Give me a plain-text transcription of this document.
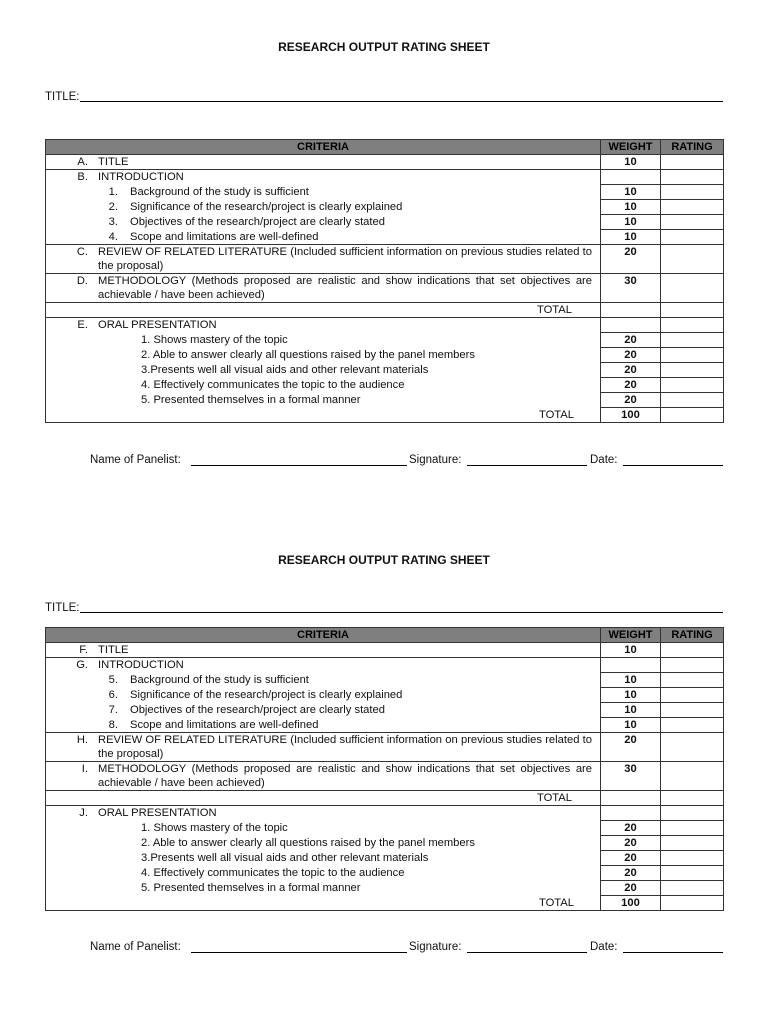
RESEARCH OUTPUT RATING SHEET
TITLE:
CRITERIA	WEIGHT	RATING

A. TITLE	10	

B. INTRODUCTION		

1. Background of the study is sufficient	10	

2. Significance of the research/project is clearly explained	10	

3. Objectives of the research/project are clearly stated	10	

4. Scope and limitations are well-defined	10	

C. REVIEW OF RELATED LITERATURE (Included sufficient information on previous studies related to the proposal)	20	

D. METHODOLOGY (Methods proposed are realistic and show indications that set objectives are achievable / have been achieved)	30	

TOTAL		

E. ORAL PRESENTATION		

1. Shows mastery of the topic	20	

2. Able to answer clearly all questions raised by the panel members	20	

3.Presents well all visual aids and other relevant materials	20	

4. Effectively communicates the topic to the audience	20	

5. Presented themselves in a formal manner	20	

TOTAL	100	
Name of Panelist:	Signature:	Date:
RESEARCH OUTPUT RATING SHEET
TITLE:
CRITERIA	WEIGHT	RATING

F. TITLE	10	

G. INTRODUCTION		

5. Background of the study is sufficient	10	

6. Significance of the research/project is clearly explained	10	

7. Objectives of the research/project are clearly stated	10	

8. Scope and limitations are well-defined	10	

H. REVIEW OF RELATED LITERATURE (Included sufficient information on previous studies related to the proposal)	20	

I. METHODOLOGY (Methods proposed are realistic and show indications that set objectives are achievable / have been achieved)	30	

TOTAL		

J. ORAL PRESENTATION		

1. Shows mastery of the topic	20	

2. Able to answer clearly all questions raised by the panel members	20	

3.Presents well all visual aids and other relevant materials	20	

4. Effectively communicates the topic to the audience	20	

5. Presented themselves in a formal manner	20	

TOTAL	100	
Name of Panelist:	Signature:	Date:
